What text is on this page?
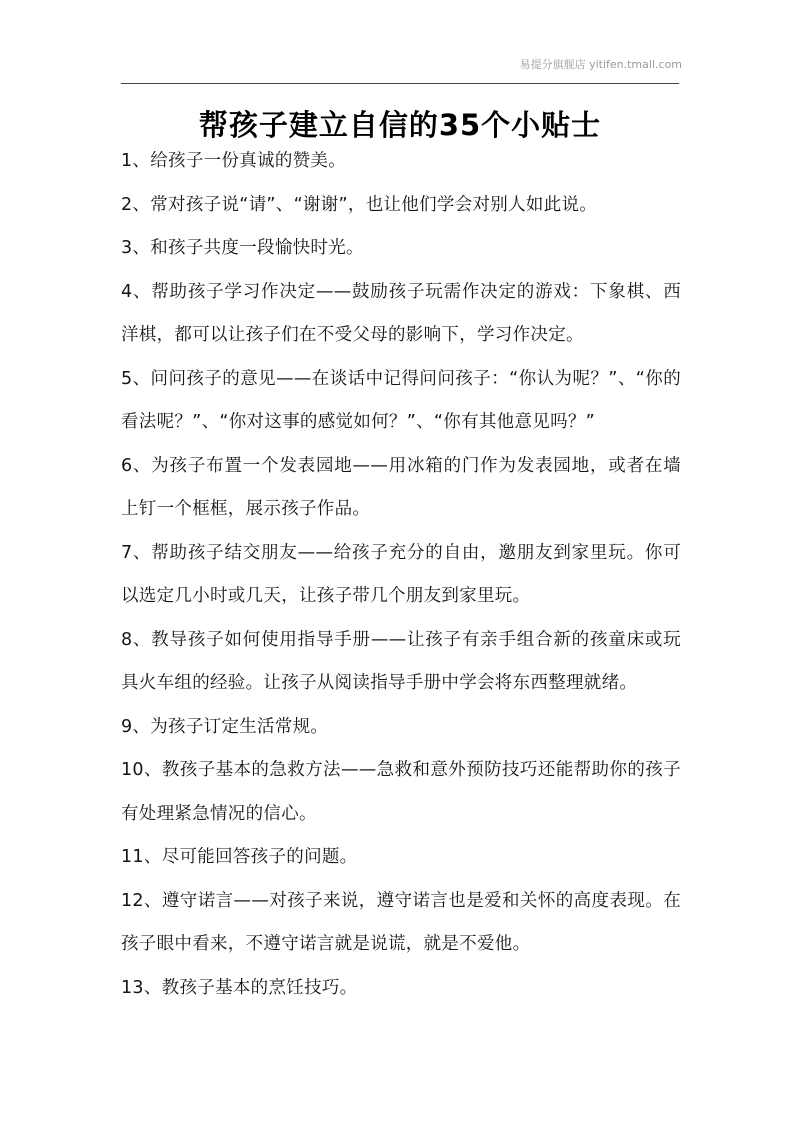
易提分旗舰店 yitifen.tmall.com
帮孩子建立自信的35个小贴士
1、给孩子一份真诚的赞美。
2、常对孩子说“请”、“谢谢”，也让他们学会对别人如此说。
3、和孩子共度一段愉快时光。
4、帮助孩子学习作决定——鼓励孩子玩需作决定的游戏：下象棋、西洋棋，都可以让孩子们在不受父母的影响下，学习作决定。
5、问问孩子的意见——在谈话中记得问问孩子：“你认为呢？”、“你的看法呢？”、“你对这事的感觉如何？”、“你有其他意见吗？”
6、为孩子布置一个发表园地——用冰箱的门作为发表园地，或者在墙上钉一个框框，展示孩子作品。
7、帮助孩子结交朋友——给孩子充分的自由，邀朋友到家里玩。你可以选定几小时或几天，让孩子带几个朋友到家里玩。
8、教导孩子如何使用指导手册——让孩子有亲手组合新的孩童床或玩具火车组的经验。让孩子从阅读指导手册中学会将东西整理就绪。
9、为孩子订定生活常规。
10、教孩子基本的急救方法——急救和意外预防技巧还能帮助你的孩子有处理紧急情况的信心。
11、尽可能回答孩子的问题。
12、遵守诺言——对孩子来说，遵守诺言也是爱和关怀的高度表现。在孩子眼中看来，不遵守诺言就是说谎，就是不爱他。
13、教孩子基本的烹饪技巧。
